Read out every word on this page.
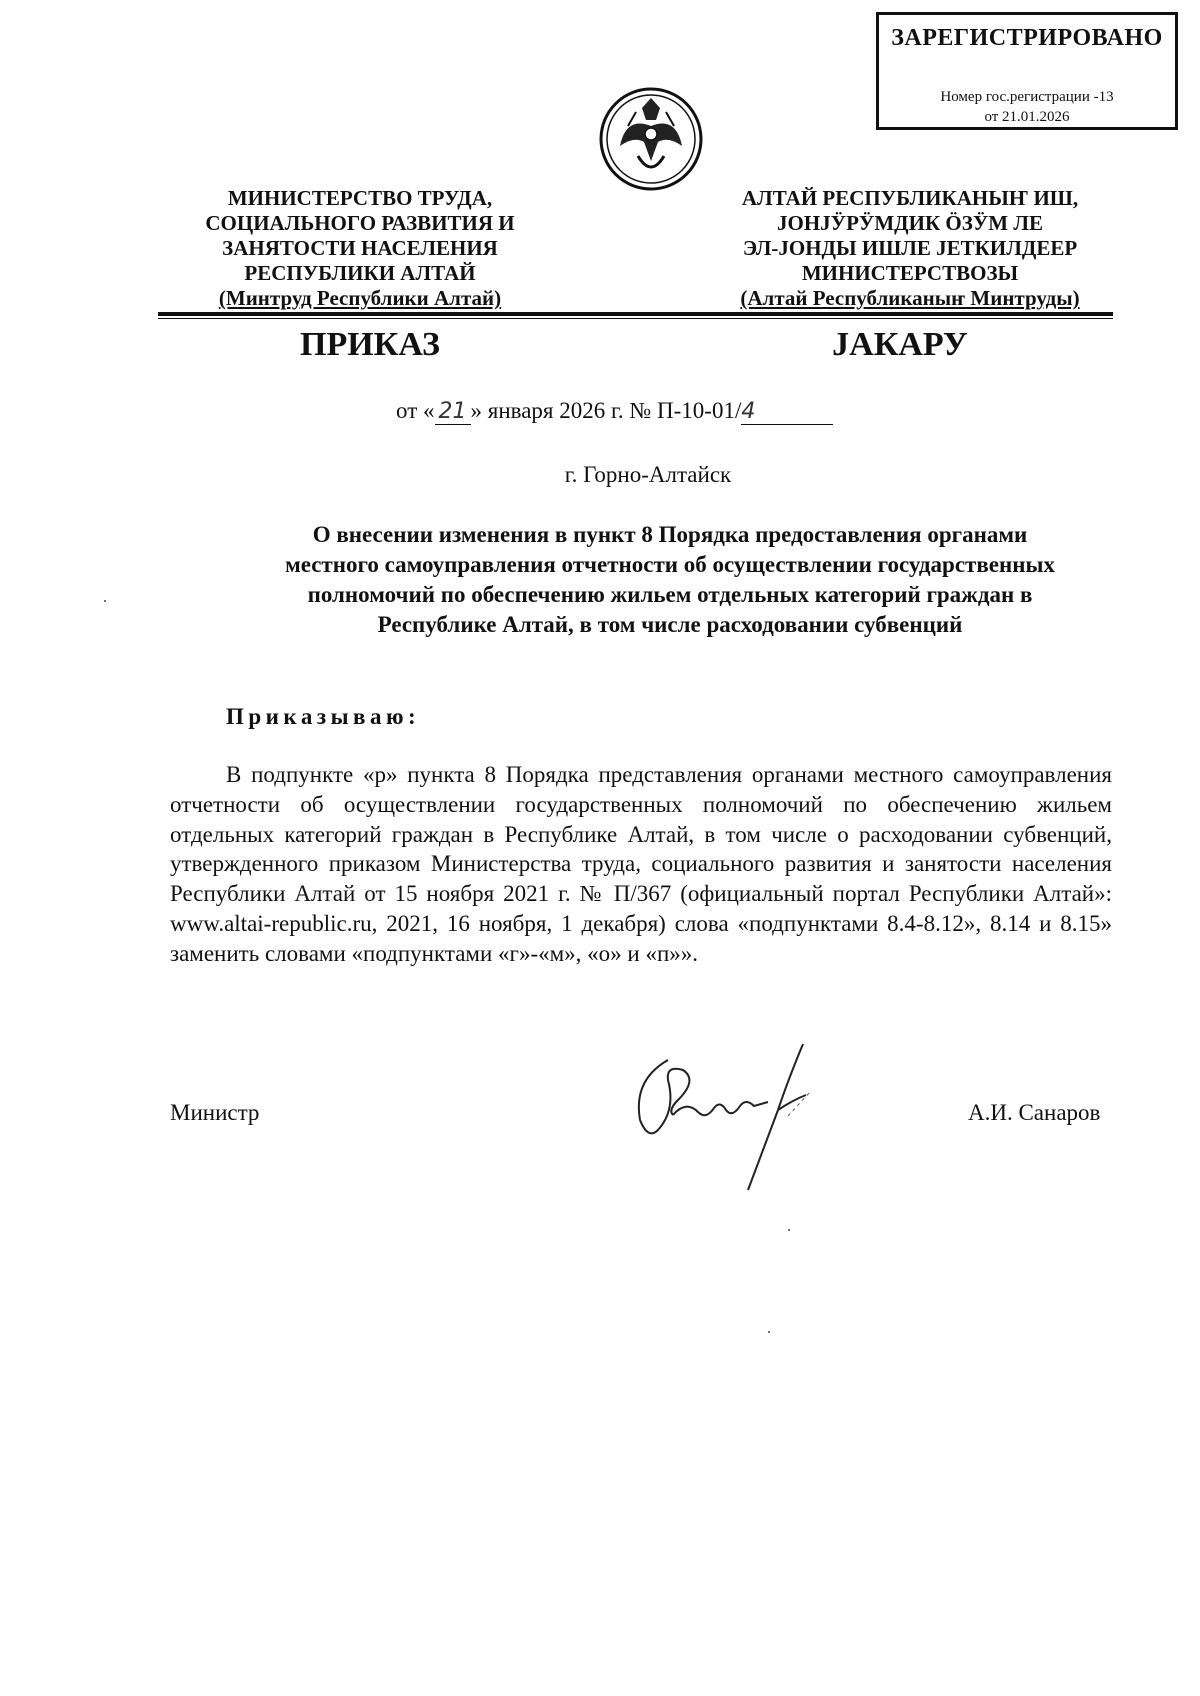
ЗАРЕГИСТРИРОВАНО
Номер гос.регистрации -13
от 21.01.2026
МИНИСТЕРСТВО ТРУДА,
СОЦИАЛЬНОГО РАЗВИТИЯ И
ЗАНЯТОСТИ НАСЕЛЕНИЯ
РЕСПУБЛИКИ АЛТАЙ
(Минтруд Республики Алтай)
АЛТАЙ РЕСПУБЛИКАНЫҤ ИШ,
ЈОНЈӰРӰМДИК ӦЗӰМ ЛЕ
ЭЛ-ЈОНДЫ ИШЛЕ ЈЕТКИЛДЕЕР
МИНИСТЕРСТВОЗЫ
(Алтай Республиканыҥ Минтруды)
ПРИКАЗ	ЈАКАРУ
от « 21 » января 2026 г. № П-10-01/4
г. Горно-Алтайск
О внесении изменения в пункт 8 Порядка предоставления органами местного самоуправления отчетности об осуществлении государственных полномочий по обеспечению жильем отдельных категорий граждан в Республике Алтай, в том числе расходовании субвенций
Приказываю:
В подпункте «р» пункта 8 Порядка представления органами местного самоуправления отчетности об осуществлении государственных полномочий по обеспечению жильем отдельных категорий граждан в Республике Алтай, в том числе о расходовании субвенций, утвержденного приказом Министерства труда, социального развития и занятости населения Республики Алтай от 15 ноября 2021 г. № П/367 (официальный портал Республики Алтай»: www.altai-republic.ru, 2021, 16 ноября, 1 декабря) слова «подпунктами 8.4-8.12», 8.14 и 8.15» заменить словами «подпунктами «г»-«м», «о» и «п»».
Министр	А.И. Санаров
